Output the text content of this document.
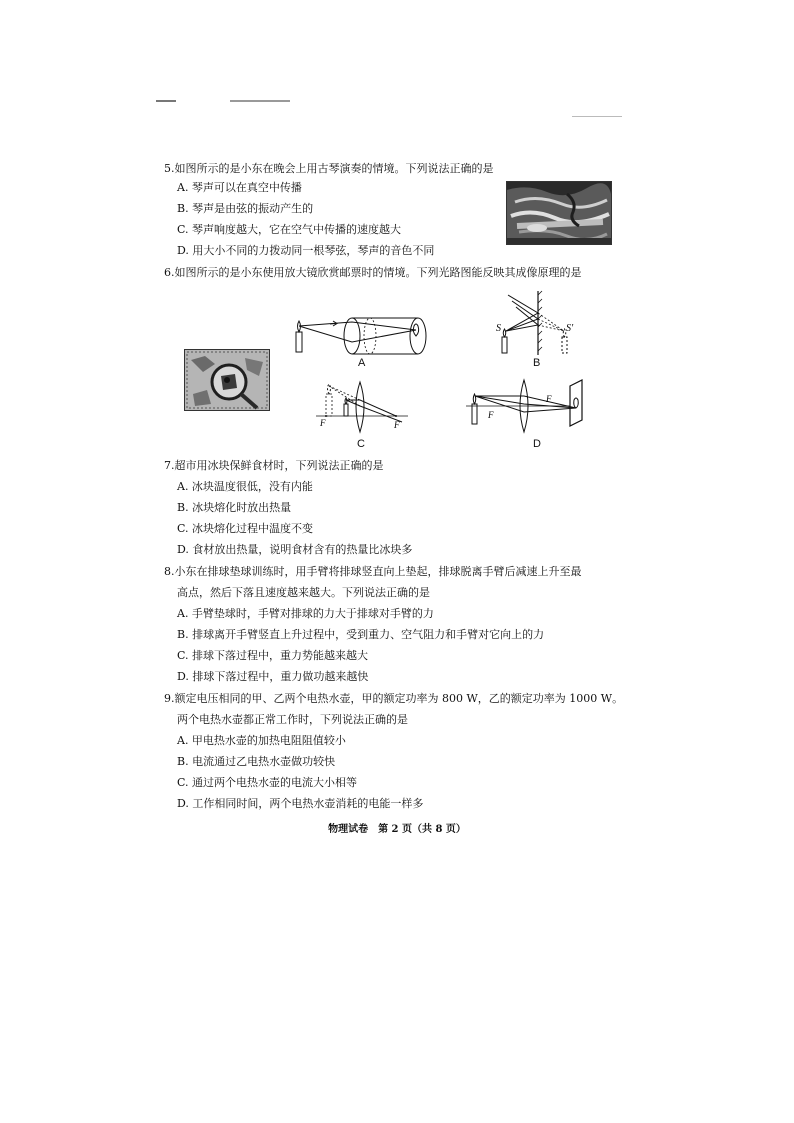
5.如图所示的是小东在晚会上用古琴演奏的情境。下列说法正确的是
A. 琴声可以在真空中传播
B. 琴声是由弦的振动产生的
C. 琴声响度越大，它在空气中传播的速度越大
D. 用大小不同的力拨动同一根琴弦，琴声的音色不同
6.如图所示的是小东使用放大镜欣赏邮票时的情境。下列光路图能反映其成像原理的是
A
S	S′
B
F	F
C
F
F
D
7.超市用冰块保鲜食材时，下列说法正确的是
A. 冰块温度很低，没有内能
B. 冰块熔化时放出热量
C. 冰块熔化过程中温度不变
D. 食材放出热量，说明食材含有的热量比冰块多
8.小东在排球垫球训练时，用手臂将排球竖直向上垫起，排球脱离手臂后减速上升至最
高点，然后下落且速度越来越大。下列说法正确的是
A. 手臂垫球时，手臂对排球的力大于排球对手臂的力
B. 排球离开手臂竖直上升过程中，受到重力、空气阻力和手臂对它向上的力
C. 排球下落过程中，重力势能越来越大
D. 排球下落过程中，重力做功越来越快
9.额定电压相同的甲、乙两个电热水壶，甲的额定功率为 800 W，乙的额定功率为 1000 W。
两个电热水壶都正常工作时，下列说法正确的是
A. 甲电热水壶的加热电阻阻值较小
B. 电流通过乙电热水壶做功较快
C. 通过两个电热水壶的电流大小相等
D. 工作相同时间，两个电热水壶消耗的电能一样多
物理试卷　第 2 页（共 8 页）
